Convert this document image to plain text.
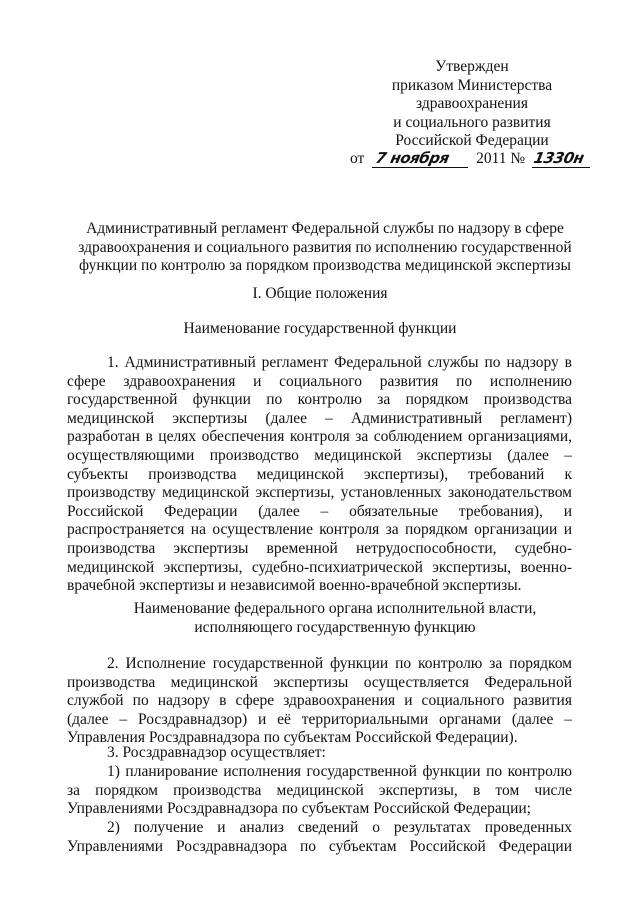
Утвержден
приказом Министерства
здравоохранения
и социального развития
Российской Федерации
от 7 ноября 2011 № 1330н
Административный регламент Федеральной службы по надзору в сфере
здравоохранения и социального развития по исполнению государственной
функции по контролю за порядком производства медицинской экспертизы
I. Общие положения
Наименование государственной функции
1. Административный регламент Федеральной службы по надзору в
сфере здравоохранения и социального развития по исполнению
государственной функции по контролю за порядком производства
медицинской экспертизы (далее – Административный регламент)
разработан в целях обеспечения контроля за соблюдением организациями,
осуществляющими производство медицинской экспертизы (далее –
субъекты производства медицинской экспертизы), требований к
производству медицинской экспертизы, установленных законодательством
Российской Федерации (далее – обязательные требования), и
распространяется на осуществление контроля за порядком организации и
производства экспертизы временной нетрудоспособности, судебно-
медицинской экспертизы, судебно-психиатрической экспертизы, военно-
врачебной экспертизы и независимой военно-врачебной экспертизы.
Наименование федерального органа исполнительной власти,
исполняющего государственную функцию
2. Исполнение государственной функции по контролю за порядком
производства медицинской экспертизы осуществляется Федеральной
службой по надзору в сфере здравоохранения и социального развития
(далее – Росздравнадзор) и её территориальными органами (далее –
Управления Росздравнадзора по субъектам Российской Федерации).
3. Росздравнадзор осуществляет:
1) планирование исполнения государственной функции по контролю
за порядком производства медицинской экспертизы, в том числе
Управлениями Росздравнадзора по субъектам Российской Федерации;
2) получение и анализ сведений о результатах проведенных
Управлениями Росздравнадзора по субъектам Российской Федерации
